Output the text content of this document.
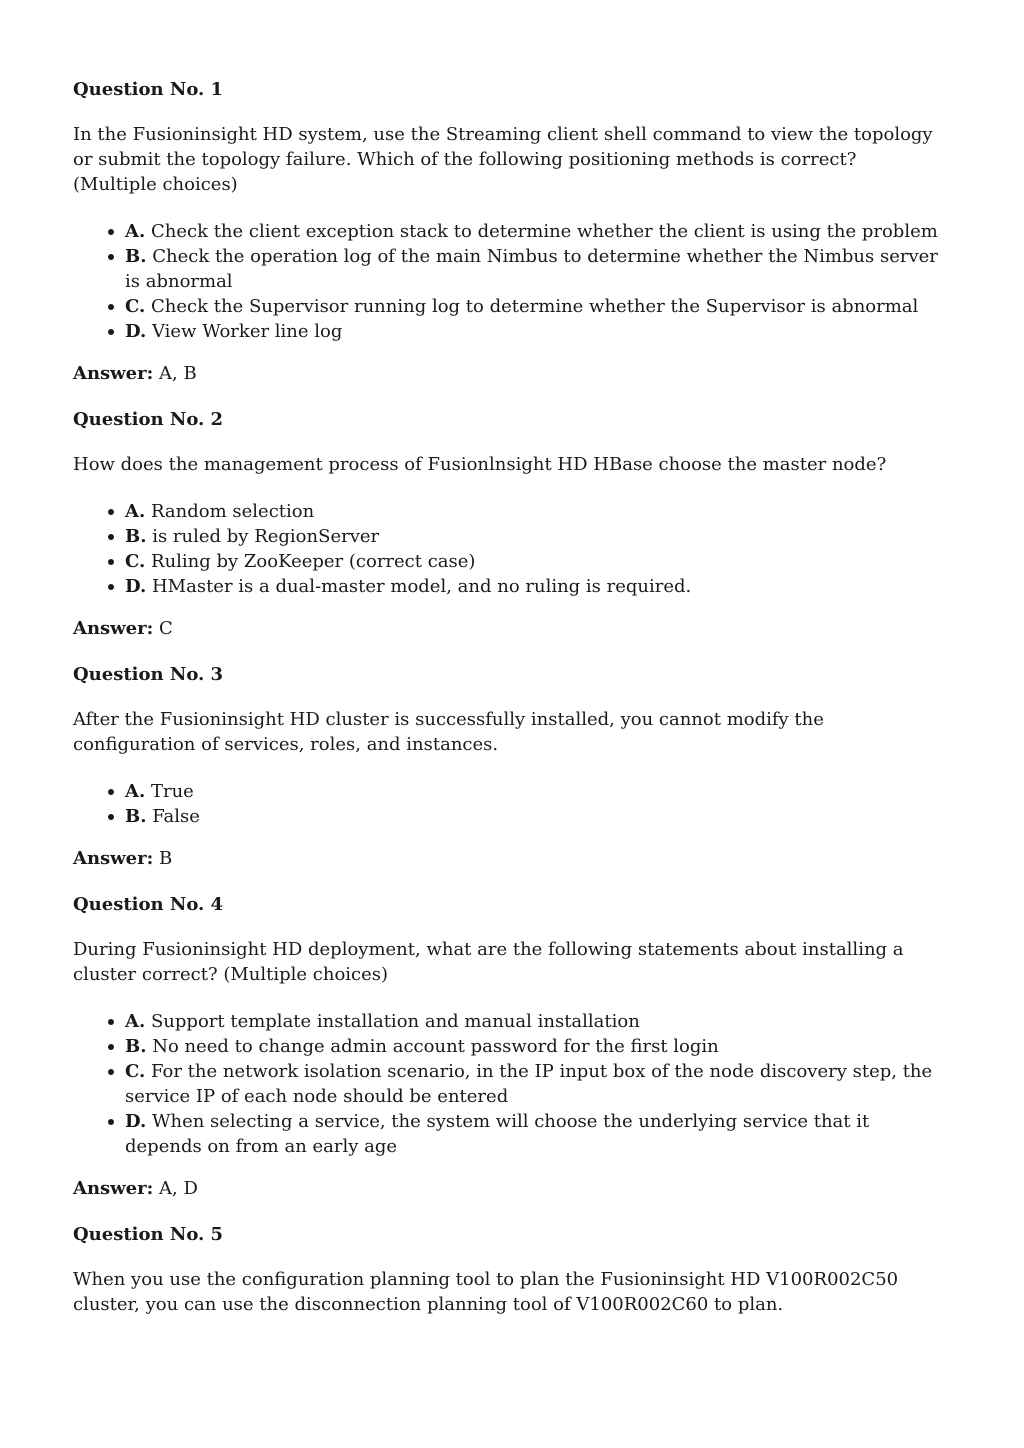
Question No. 1

In the Fusioninsight HD system, use the Streaming client shell command to view the topology or submit the topology failure. Which of the following positioning methods is correct? (Multiple choices)

A. Check the client exception stack to determine whether the client is using the problem
B. Check the operation log of the main Nimbus to determine whether the Nimbus server is abnormal
C. Check the Supervisor running log to determine whether the Supervisor is abnormal
D. View Worker line log

Answer: A, B

Question No. 2

How does the management process of Fusionlnsight HD HBase choose the master node?

A. Random selection
B. is ruled by RegionServer
C. Ruling by ZooKeeper (correct case)
D. HMaster is a dual-master model, and no ruling is required.

Answer: C

Question No. 3

After the Fusioninsight HD cluster is successfully installed, you cannot modify the configuration of services, roles, and instances.

A. True
B. False

Answer: B

Question No. 4

During Fusioninsight HD deployment, what are the following statements about installing a cluster correct? (Multiple choices)

A. Support template installation and manual installation
B. No need to change admin account password for the first login
C. For the network isolation scenario, in the IP input box of the node discovery step, the service IP of each node should be entered
D. When selecting a service, the system will choose the underlying service that it depends on from an early age

Answer: A, D

Question No. 5

When you use the configuration planning tool to plan the Fusioninsight HD V100R002C50 cluster, you can use the disconnection planning tool of V100R002C60 to plan.
